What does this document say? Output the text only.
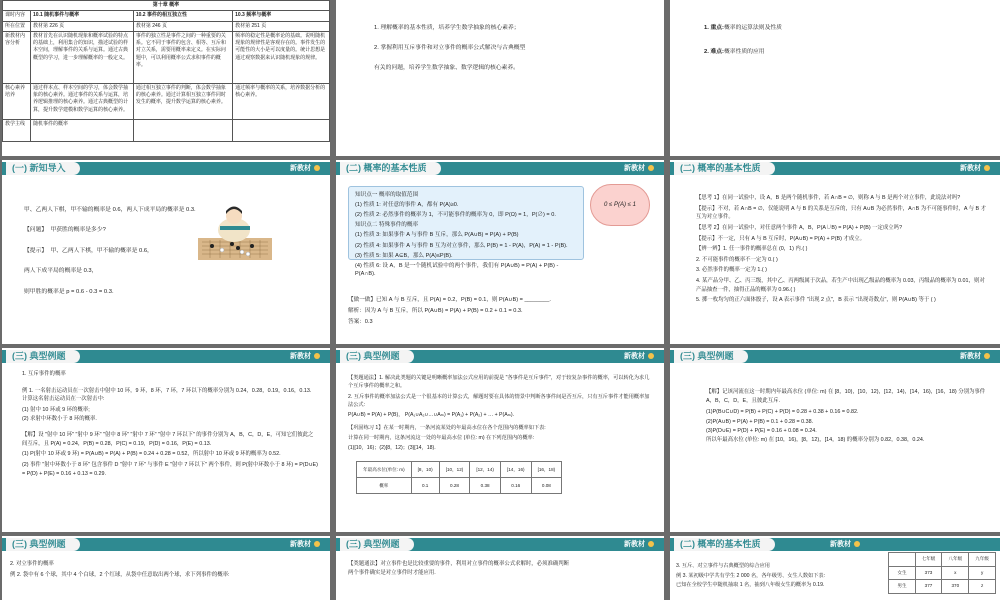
第十章 概率			
课时内容	10.1 随机事件与概率	10.2 事件的相互独立性	10.3 频率与概率
所在位置	教材第 226 页	教材第 246 页	教材第 251 页
新教材内容分析	教材首先在认识随机现象和概率试验的特点的基础上，利用集合的知识，描述试验的样本空间，理解事件的关系与运算。通过古典概型的学习，进一步理解概率的一般定义。	事件的独立性是事件之间的一种重要的关系。它不同于事件的包含、相等、互斥和对立关系，需要用概率来定义。在实际问题中，可以利用概率公式求积事件的概率。	频率的稳定性是概率论的基础。说明随机现象的规律性是客观存在的。事件发生的可能性的大小是可以度量的。统计思想是通过观察数据来认识随机现象的规律。
核心素养培养	通过样本点、样本空间的学习，体会数学抽象的核心素养。通过事件的关系与运算，培养逻辑推理的核心素养。通过古典概型的计算，提升数学建模和数学运算的核心素养。	通过相互独立事件的判断，体会数学抽象的核心素养。通过计算相互独立事件同时发生的概率，提升数学运算的核心素养。	通过频率与概率的关系，培养数据分析的核心素养。
教学主线	随机事件的概率		

1. 理解概率的基本性质，培养学生数学抽象的核心素养；

2. 掌握利用互斥事件和对立事件的概率公式解决与古典概型

有关的问题，培养学生数学抽象、数学逻辑的核心素养。

1. 重点:概率的运算法则及性质

2. 难点:概率性质的应用

(一) 新知导入	新教材

甲、乙两人下棋，甲不输的概率是 0.6，两人下成平局的概率是 0.3.

【问题】 甲获胜的概率是多少?

【提示】 甲、乙两人下棋，甲不输的概率是 0.6，

两人下成平局的概率是 0.3，

则甲胜的概率是 p = 0.6 - 0.3 = 0.3.

(二) 概率的基本性质	新教材
知识点一 概率的取值范围
(1) 性质 1: 对任意的事件 A，都有 P(A)≥0.
(2) 性质 2: 必然事件的概率为 1，不可能事件的概率为 0，即 P(Ω) = 1，P(∅) = 0.
知识点二 特殊事件的概率
(1) 性质 3: 如果事件 A 与事件 B 互斥，那么 P(A∪B) = P(A) + P(B)
(2) 性质 4: 如果事件 A 与事件 B 互为对立事件，那么 P(B) = 1 - P(A)，P(A) = 1 - P(B).
(3) 性质 5: 如果 A⊆B，那么 P(A)≤P(B).
(4) 性质 6: 设 A，B 是一个随机试验中的两个事件，我们有 P(A∪B) = P(A) + P(B) - P(A∩B).
0 ≤ P(A) ≤ 1

【做一做】已知 A 与 B 互斥，且 P(A) = 0.2，P(B) = 0.1，则 P(A∪B) = ________.

解析：因为 A 与 B 互斥，所以 P(A∪B) = P(A) + P(B) = 0.2 + 0.1 = 0.3.

答案：0.3

(二) 概率的基本性质	新教材

【思考 1】在同一试验中，设 A，B 是两个随机事件，若 A∩B = ∅，则称 A 与 B 是两个对立事件，此说法对吗?

【提示】不对，若 A∩B = ∅，仅能说明 A 与 B 的关系是互斥的，只有 A∪B 为必然事件，A∩B 为不可能事件时，A 与 B 才互为对立事件。

【思考 2】在同一试验中，对任意两个事件 A，B，P(A∪B) = P(A) + P(B) 一定成立吗?

【提示】不一定，只有 A 与 B 互斥时，P(A∪B) = P(A) + P(B) 才成立。

【辨一辨】1. 任一事件的概率总在 (0，1) 内.( )

2. 不可能事件的概率不一定为 0.( )

3. 必然事件的概率一定为 1.( )

4. 某产品分甲、乙、丙三级，其中乙、丙两级属于次品，若生产中出现乙级品的概率为 0.03，丙级品的概率为 0.01，则对产品抽查一件，抽得正品的概率为 0.96.( )

5. 掷一枚均匀的正六面体骰子，设 A 表示事件 "出现 2 点"，B 表示 "出现奇数点"，则 P(A∪B) 等于 ( )

(三) 典型例题	新教材

1. 互斥事件的概率

例 1. 一名射击运动员在一次射击中射中 10 环，9 环，8 环，7 环，7 环以下的概率分别为 0.24，0.28，0.19，0.16，0.13. 计算这名射击运动员在一次射击中:

(1) 射中 10 环或 9 环的概率;

(2) 求射中环数小于 8 环的概率.

【解】设 "射中 10 环" "射中 9 环" "射中 8 环" "射中 7 环" "射中 7 环以下" 的事件分别为 A，B，C，D，E，可知它们彼此之间互斥，且 P(A) = 0.24，P(B) = 0.28，P(C) = 0.19，P(D) = 0.16，P(E) = 0.13.

(1) P(射中 10 环或 9 环) = P(A∪B) = P(A) + P(B) = 0.24 + 0.28 = 0.52，所以射中 10 环或 9 环的概率为 0.52.

(2) 事件 "射中环数小于 8 环" 包含事件 D "射中 7 环" 与事件 E "射中 7 环以下" 两个事件，则 P(射中环数小于 8 环) = P(D∪E) = P(D) + P(E) = 0.16 + 0.13 = 0.29.

(三) 典型例题	新教材

【类题通法】1. 解决此类题的关键是明晰概率加法公式应用的前提是 "各事件是互斥事件"，对于较复杂事件的概率，可以转化为求几个互斥事件的概率之和。

2. 互斥事件的概率加法公式是一个很基本的计算公式，解题时要在具体的情景中判断各事件间是否互斥，只有互斥事件才能用概率加法公式:

P(A∪B) = P(A) + P(B)， P(A₁∪A₂∪…∪Aₘ) = P(A₁) + P(A₂) + … + P(Aₘ).

【巩固练习 1】在某一时期内，一条河流某处的年最高水位在各个范围内的概率如下表:

计算在同一时期内，这条河流这一处的年最高水位 (单位: m) 在下列范围内的概率:

(1)[10，16)；(2)[8，12)；(3)[14，18).

年最高水位(单位: m)	[8，10)	[10，12)	[12，14)	[14，16)	[16，18)
概率	0.1	0.28	0.38	0.16	0.08
(三) 典型例题	新教材

【解】记该河流在这一时期内年最高水位 (单位: m) 在 [8，10)，[10，12)，[12，14)，[14，16)，[16，18) 分别为事件 A，B，C，D，E，且彼此互斥.

(1)P(B∪C∪D) = P(B) + P(C) + P(D) = 0.28 + 0.38 + 0.16 = 0.82.

(2)P(A∪B) = P(A) + P(B) = 0.1 + 0.28 = 0.38.

(3)P(D∪E) = P(D) + P(E) = 0.16 + 0.08 = 0.24.

所以年最高水位 (单位: m) 在 [10，16)，[8，12)，[14，18) 的概率分别为 0.82，0.38，0.24.

(三) 典型例题	新教材

2. 对立事件的概率

例 2. 袋中有 6 个球，其中 4 个白球，2 个红球，从袋中任意取出两个球，求下列事件的概率:

(三) 典型例题	新教材

【类题通法】对立事件也是比较重要的事件，利用对立事件的概率公式求解时，必须准确判断

两个事件确实是对立事件时才能应用.

(二) 概率的基本性质	新教材

3. 互斥、对立事件与古典概型的综合应用

例 3. 某初级中学共有学生 2 000 名，各年级男、女生人数如下表:

已知在全校学生中随机抽取 1 名，抽到八年级女生的概率为 0.19.

	七年级	八年级	九年级
女生	373	x	y
男生	377	370	z
